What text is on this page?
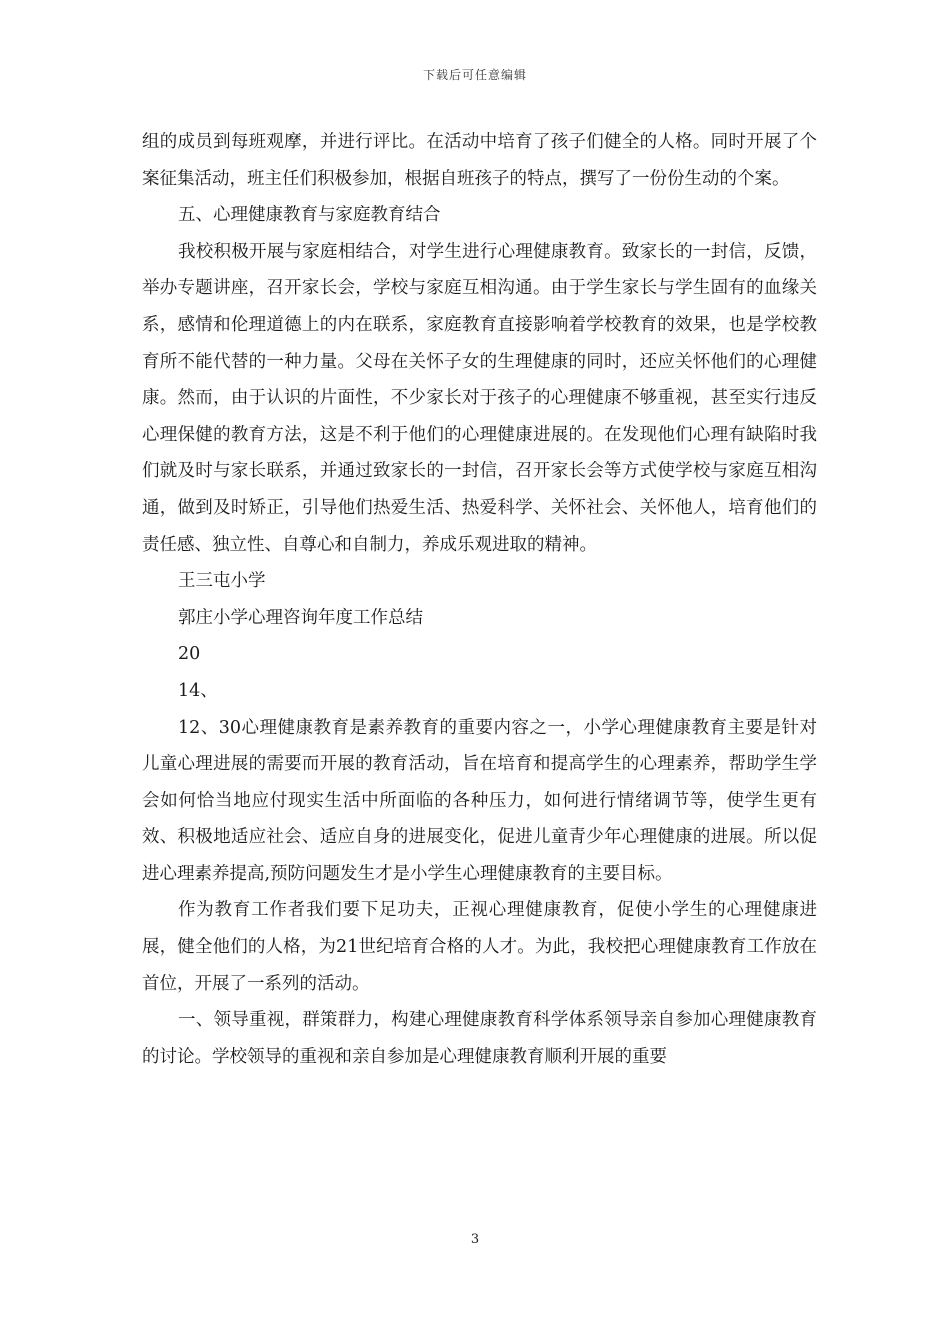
下载后可任意编辑

组的成员到每班观摩，并进行评比。在活动中培育了孩子们健全的人格。同时开展了个案征集活动，班主任们积极参加，根据自班孩子的特点，撰写了一份份生动的个案。

五、心理健康教育与家庭教育结合

我校积极开展与家庭相结合，对学生进行心理健康教育。致家长的一封信，反馈，举办专题讲座，召开家长会，学校与家庭互相沟通。由于学生家长与学生固有的血缘关系，感情和伦理道德上的内在联系，家庭教育直接影响着学校教育的效果，也是学校教育所不能代替的一种力量。父母在关怀子女的生理健康的同时，还应关怀他们的心理健康。然而，由于认识的片面性，不少家长对于孩子的心理健康不够重视，甚至实行违反心理保健的教育方法，这是不利于他们的心理健康进展的。在发现他们心理有缺陷时我们就及时与家长联系，并通过致家长的一封信，召开家长会等方式使学校与家庭互相沟通，做到及时矫正，引导他们热爱生活、热爱科学、关怀社会、关怀他人，培育他们的责任感、独立性、自尊心和自制力，养成乐观进取的精神。

王三屯小学

郭庄小学心理咨询年度工作总结

20

14、

12、30心理健康教育是素养教育的重要内容之一，小学心理健康教育主要是针对儿童心理进展的需要而开展的教育活动，旨在培育和提高学生的心理素养，帮助学生学会如何恰当地应付现实生活中所面临的各种压力，如何进行情绪调节等，使学生更有效、积极地适应社会、适应自身的进展变化，促进儿童青少年心理健康的进展。所以促进心理素养提高,预防问题发生才是小学生心理健康教育的主要目标。

作为教育工作者我们要下足功夫，正视心理健康教育，促使小学生的心理健康进展，健全他们的人格，为21世纪培育合格的人才。为此，我校把心理健康教育工作放在首位，开展了一系列的活动。

一、领导重视，群策群力，构建心理健康教育科学体系领导亲自参加心理健康教育的讨论。学校领导的重视和亲自参加是心理健康教育顺利开展的重要

3
